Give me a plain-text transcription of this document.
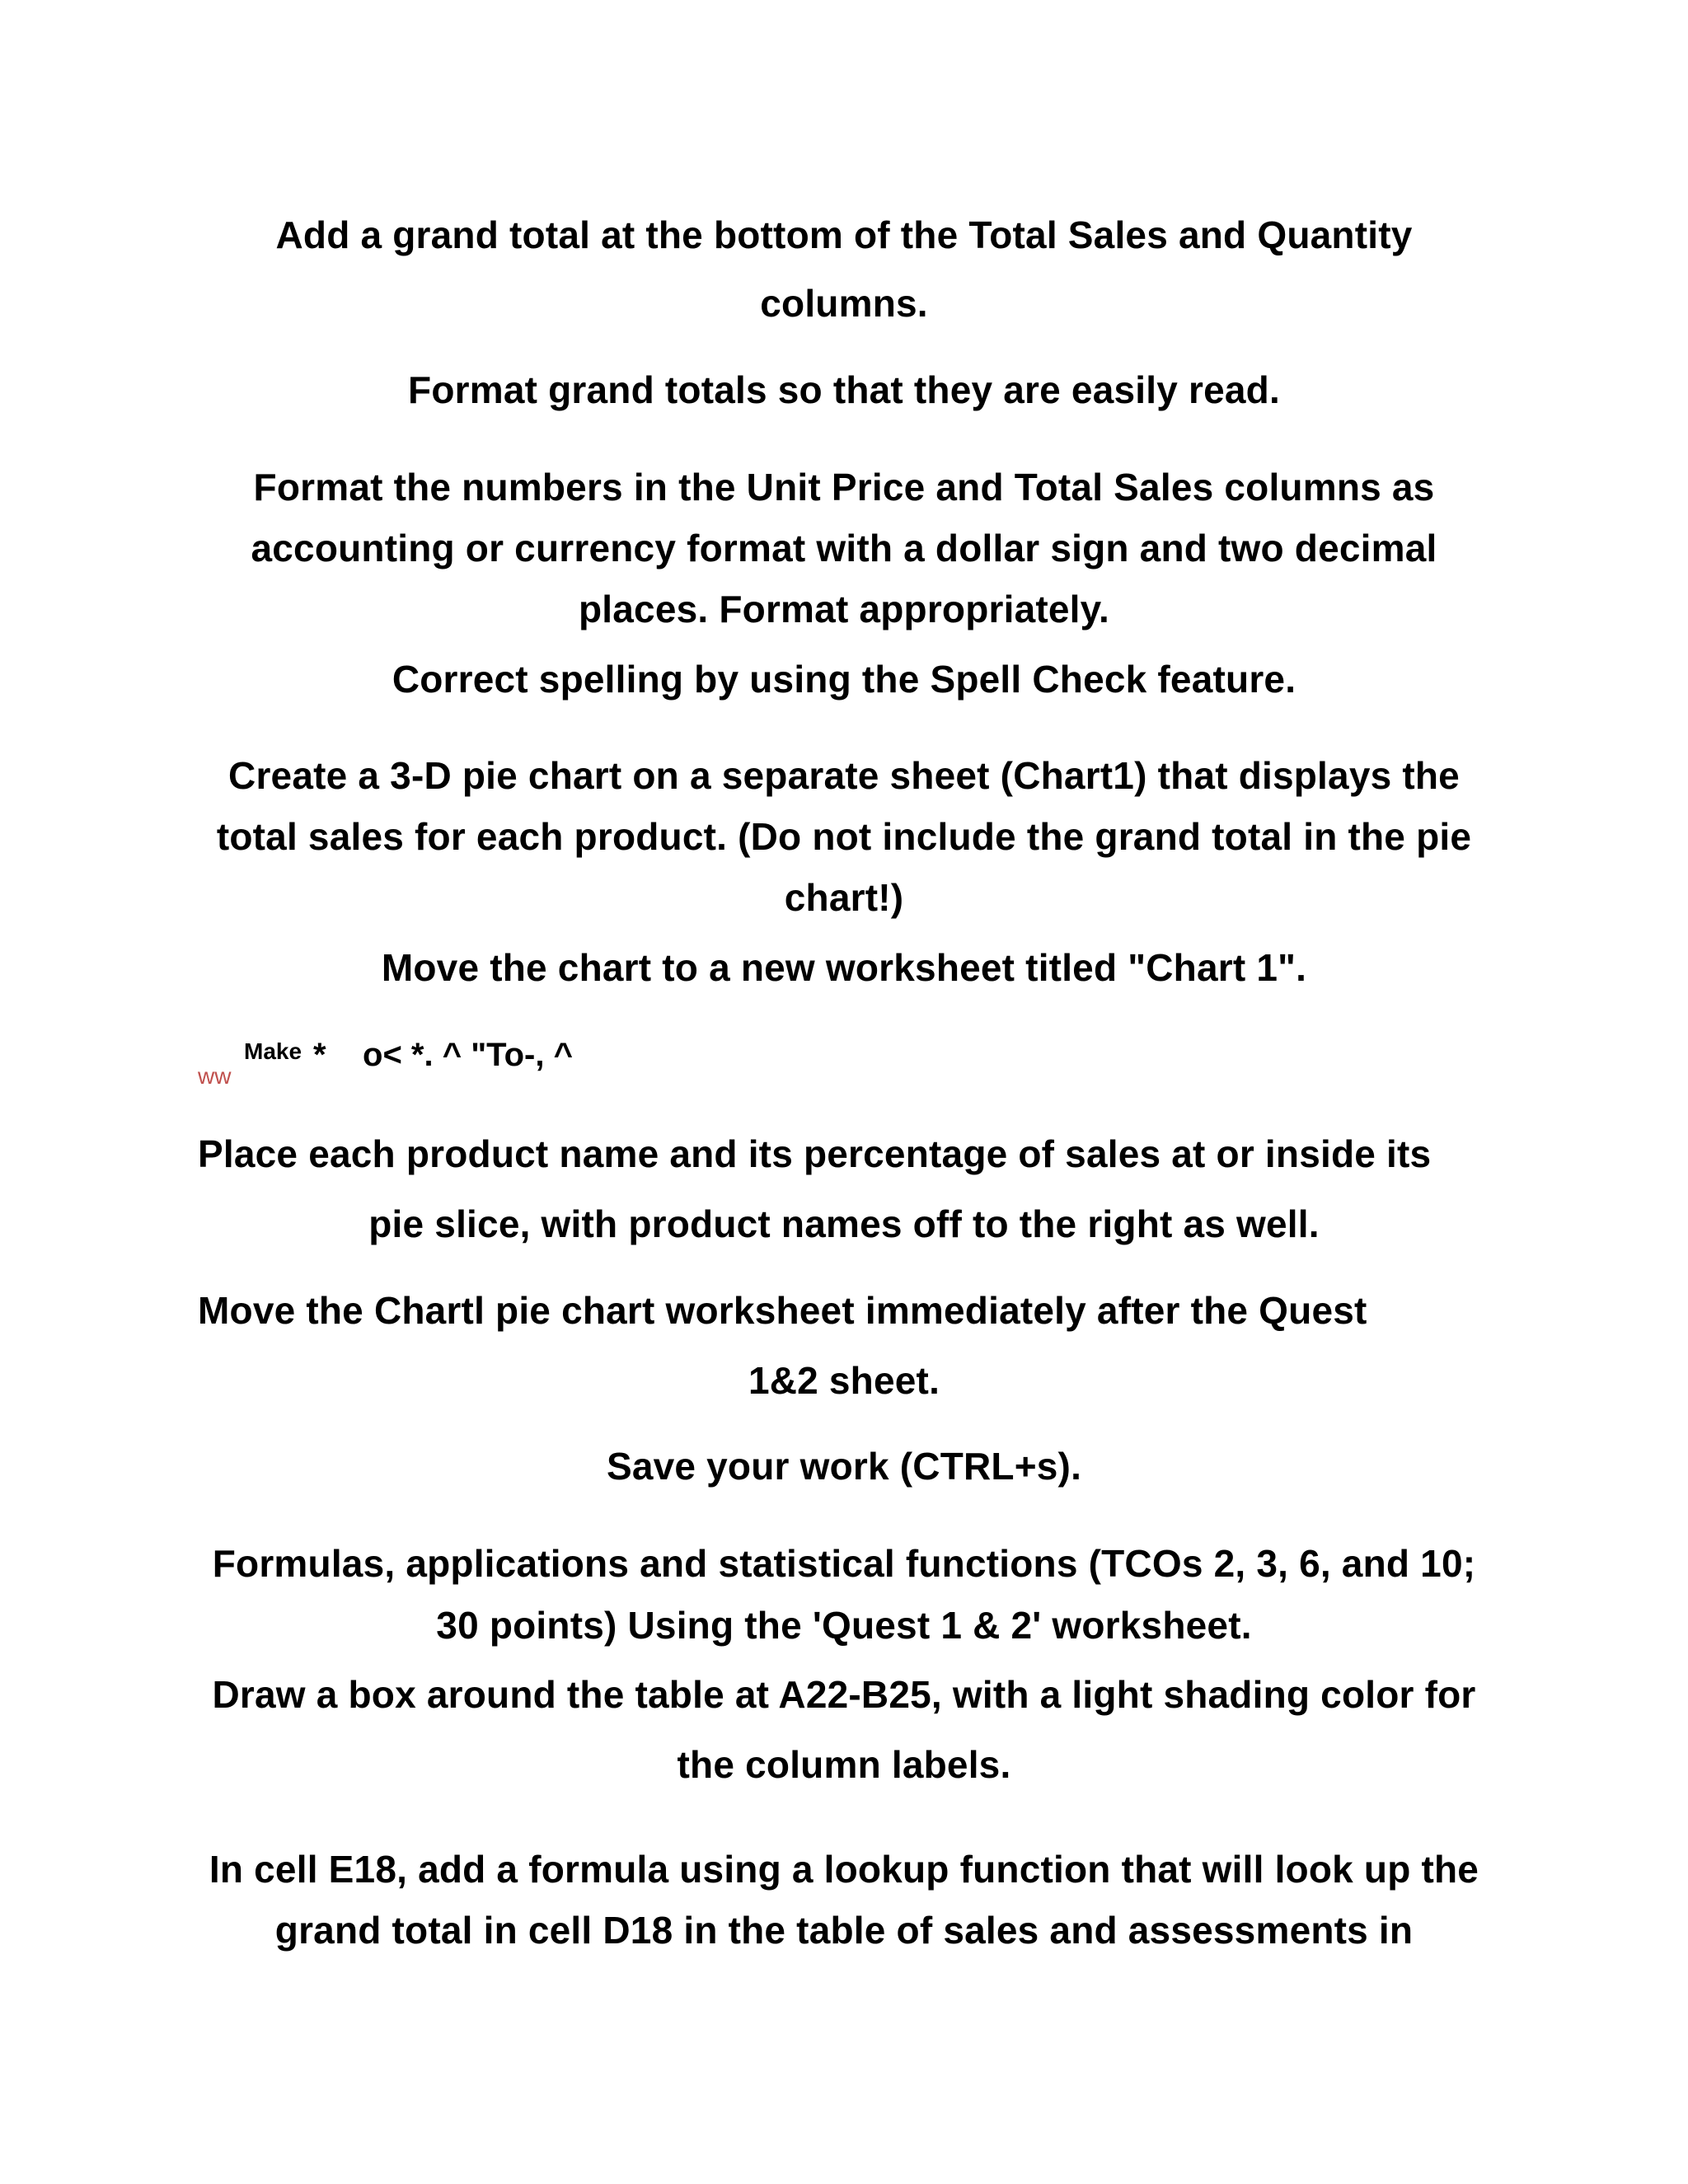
Add a grand total at the bottom of the Total Sales and Quantity
columns.
Format grand totals so that they are easily read.
Format the numbers in the Unit Price and Total Sales columns as
accounting or currency format with a dollar sign and two decimal
places. Format appropriately.
Correct spelling by using the Spell Check feature.
Create a 3-D pie chart on a separate sheet (Chart1) that displays the
total sales for each product. (Do not include the grand total in the pie
chart!)
Move the chart to a new worksheet titled "Chart 1".
ww
Make *    o< *. ^ "To-, ^
Place each product name and its percentage of sales at or inside its
pie slice, with product names off to the right as well.
Move the Chartl pie chart worksheet immediately after the Quest
1&2 sheet.
Save your work (CTRL+s).
Formulas, applications and statistical functions (TCOs 2, 3, 6, and 10;
30 points) Using the 'Quest 1 & 2' worksheet.
Draw a box around the table at A22-B25, with a light shading color for
the column labels.
In cell E18, add a formula using a lookup function that will look up the
grand total in cell D18 in the table of sales and assessments in
